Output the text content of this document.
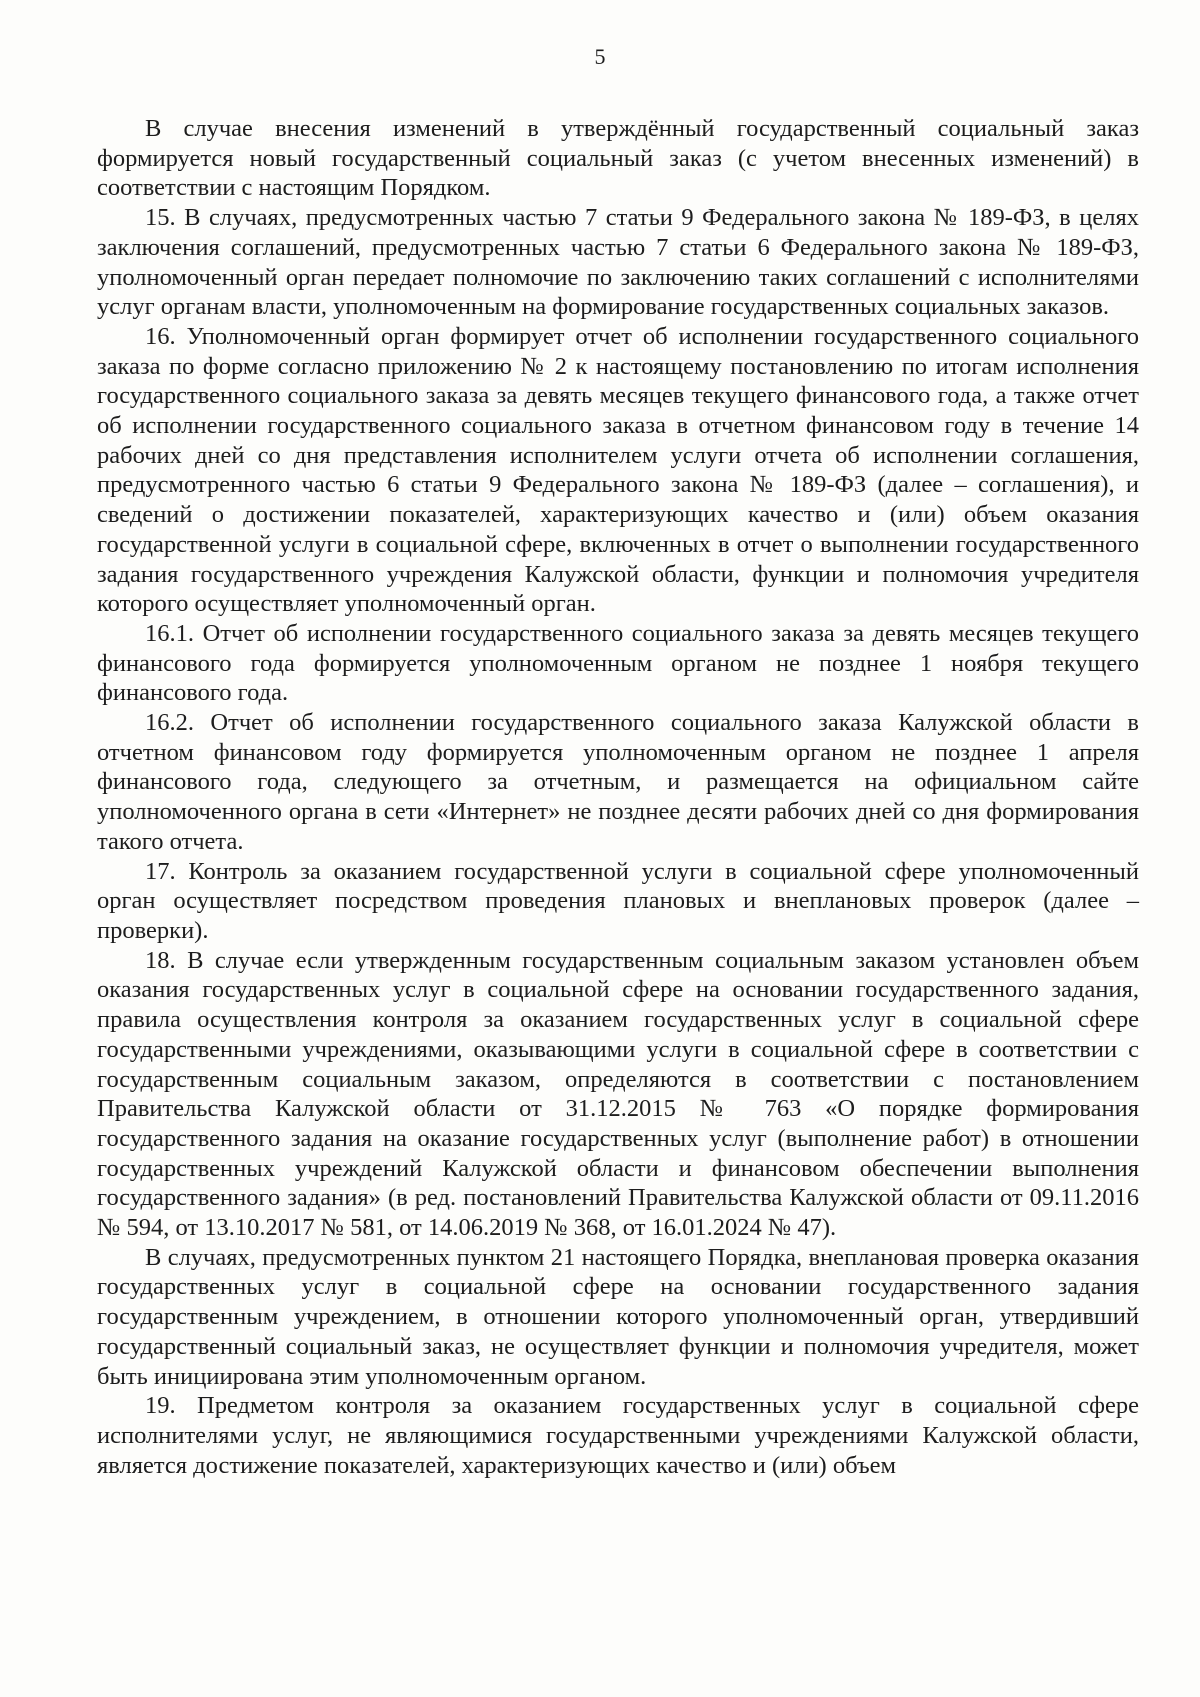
5

В случае внесения изменений в утверждённый государственный социальный заказ формируется новый государственный социальный заказ (с учетом внесенных изменений) в соответствии с настоящим Порядком.

15. В случаях, предусмотренных частью 7 статьи 9 Федерального закона № 189-ФЗ, в целях заключения соглашений, предусмотренных частью 7 статьи 6 Федерального закона № 189-ФЗ, уполномоченный орган передает полномочие по заключению таких соглашений с исполнителями услуг органам власти, уполномоченным на формирование государственных социальных заказов.

16. Уполномоченный орган формирует отчет об исполнении государственного социального заказа по форме согласно приложению № 2 к настоящему постановлению по итогам исполнения государственного социального заказа за девять месяцев текущего финансового года, а также отчет об исполнении государственного социального заказа в отчетном финансовом году в течение 14 рабочих дней со дня представления исполнителем услуги отчета об исполнении соглашения, предусмотренного частью 6 статьи 9 Федерального закона № 189-ФЗ (далее – соглашения), и сведений о достижении показателей, характеризующих качество и (или) объем оказания государственной услуги в социальной сфере, включенных в отчет о выполнении государственного задания государственного учреждения Калужской области, функции и полномочия учредителя которого осуществляет уполномоченный орган.

16.1. Отчет об исполнении государственного социального заказа за девять месяцев текущего финансового года формируется уполномоченным органом не позднее 1 ноября текущего финансового года.

16.2. Отчет об исполнении государственного социального заказа Калужской области в отчетном финансовом году формируется уполномоченным органом не позднее 1 апреля финансового года, следующего за отчетным, и размещается на официальном сайте уполномоченного органа в сети «Интернет» не позднее десяти рабочих дней со дня формирования такого отчета.

17. Контроль за оказанием государственной услуги в социальной сфере уполномоченный орган осуществляет посредством проведения плановых и внеплановых проверок (далее – проверки).

18. В случае если утвержденным государственным социальным заказом установлен объем оказания государственных услуг в социальной сфере на основании государственного задания, правила осуществления контроля за оказанием государственных услуг в социальной сфере государственными учреждениями, оказывающими услуги в социальной сфере в соответствии с государственным социальным заказом, определяются в соответствии с постановлением Правительства Калужской области от 31.12.2015 № 763 «О порядке формирования государственного задания на оказание государственных услуг (выполнение работ) в отношении государственных учреждений Калужской области и финансовом обеспечении выполнения государственного задания» (в ред. постановлений Правительства Калужской области от 09.11.2016 № 594, от 13.10.2017 № 581, от 14.06.2019 № 368, от 16.01.2024 № 47).

В случаях, предусмотренных пунктом 21 настоящего Порядка, внеплановая проверка оказания государственных услуг в социальной сфере на основании государственного задания государственным учреждением, в отношении которого уполномоченный орган, утвердивший государственный социальный заказ, не осуществляет функции и полномочия учредителя, может быть инициирована этим уполномоченным органом.

19. Предметом контроля за оказанием государственных услуг в социальной сфере исполнителями услуг, не являющимися государственными учреждениями Калужской области, является достижение показателей, характеризующих качество и (или) объем
